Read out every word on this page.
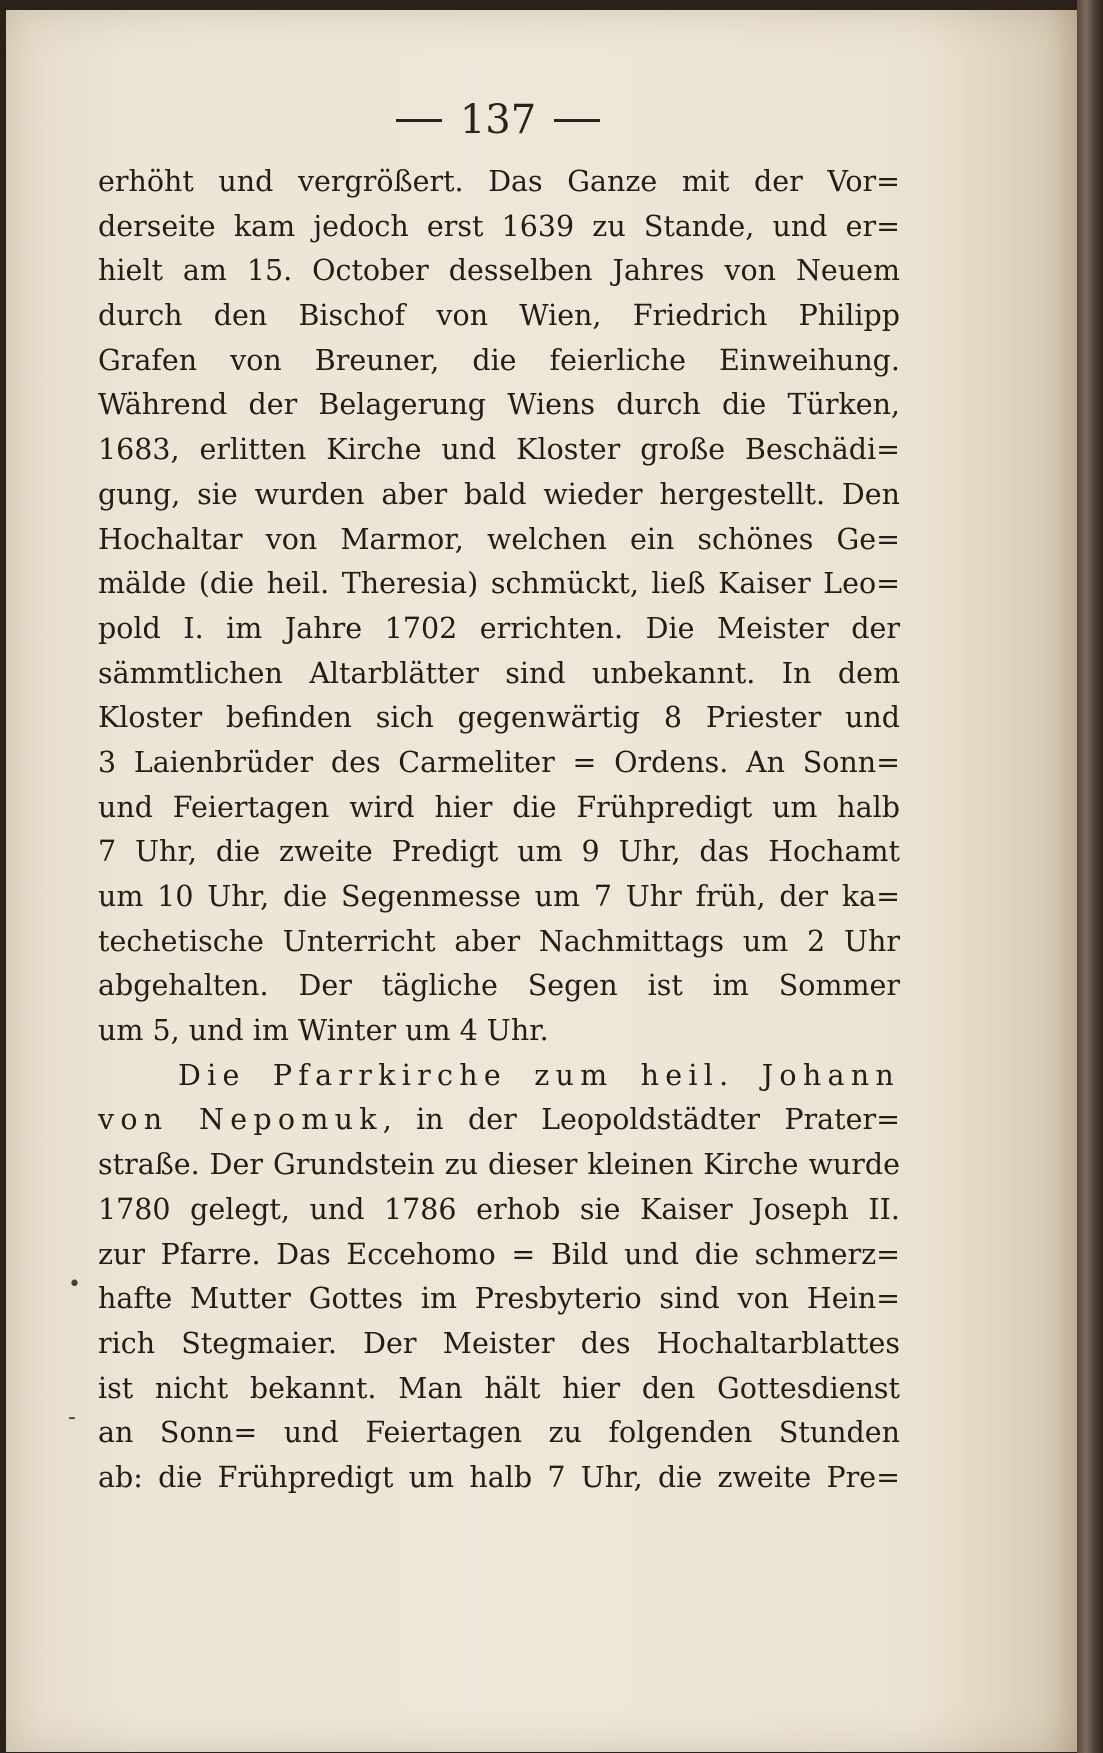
137
erhöht und vergrößert. Das Ganze mit der Vor=
derseite kam jedoch erst 1639 zu Stande, und er=
hielt am 15. October desselben Jahres von Neuem
durch den Bischof von Wien, Friedrich Philipp
Grafen von Breuner, die feierliche Einweihung.
Während der Belagerung Wiens durch die Türken,
1683, erlitten Kirche und Kloster große Beschädi=
gung, sie wurden aber bald wieder hergestellt. Den
Hochaltar von Marmor, welchen ein schönes Ge=
mälde (die heil. Theresia) schmückt, ließ Kaiser Leo=
pold I. im Jahre 1702 errichten. Die Meister der
sämmtlichen Altarblätter sind unbekannt. In dem
Kloster befinden sich gegenwärtig 8 Priester und
3 Laienbrüder des Carmeliter = Ordens. An Sonn=
und Feiertagen wird hier die Frühpredigt um halb
7 Uhr, die zweite Predigt um 9 Uhr, das Hochamt
um 10 Uhr, die Segenmesse um 7 Uhr früh, der ka=
techetische Unterricht aber Nachmittags um 2 Uhr
abgehalten. Der tägliche Segen ist im Sommer
um 5, und im Winter um 4 Uhr.
Die Pfarrkirche zum heil. Johann
von Nepomuk, in der Leopoldstädter Prater=
straße. Der Grundstein zu dieser kleinen Kirche wurde
1780 gelegt, und 1786 erhob sie Kaiser Joseph II.
zur Pfarre. Das Eccehomo = Bild und die schmerz=
hafte Mutter Gottes im Presbyterio sind von Hein=
rich Stegmaier. Der Meister des Hochaltarblattes
ist nicht bekannt. Man hält hier den Gottesdienst
an Sonn= und Feiertagen zu folgenden Stunden
ab: die Frühpredigt um halb 7 Uhr, die zweite Pre=
•
-
